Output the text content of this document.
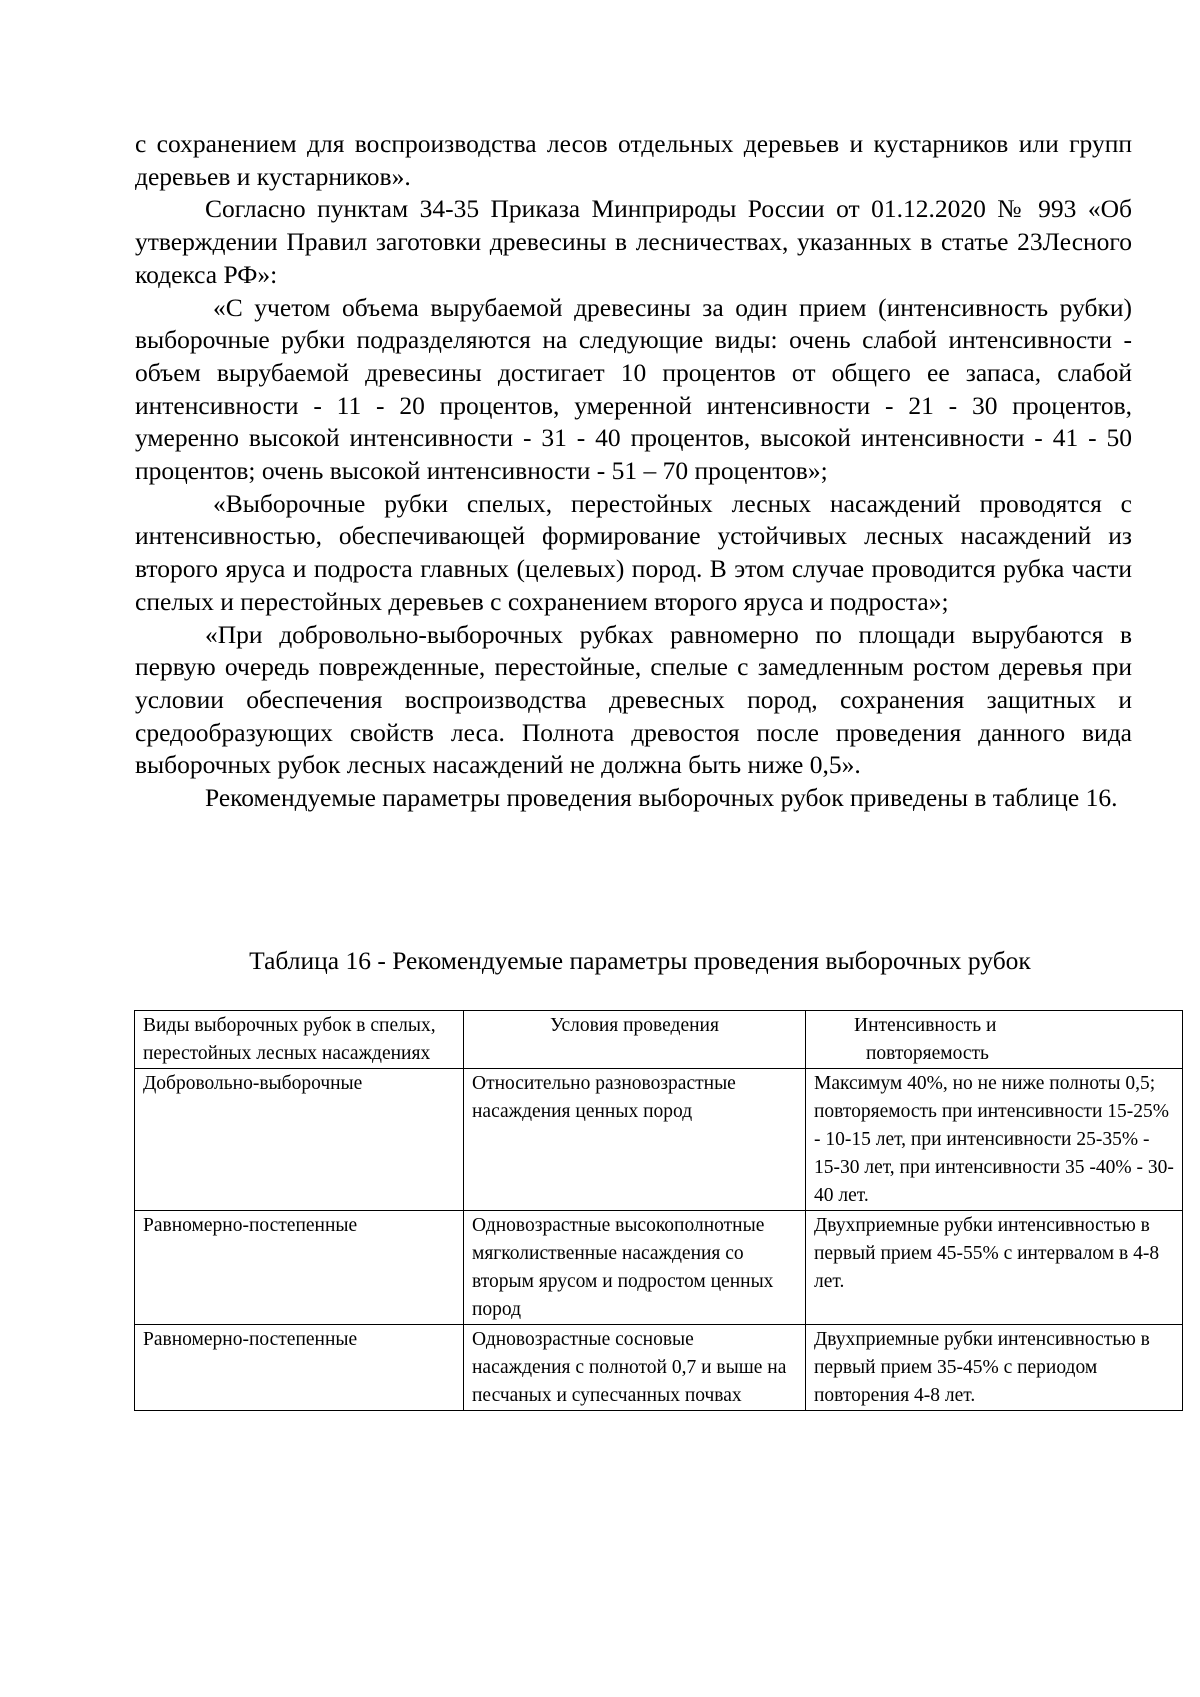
с сохранением для воспроизводства лесов отдельных деревьев и кустарников или групп деревьев и кустарников».

Согласно пунктам 34-35 Приказа Минприроды России от 01.12.2020 № 993 «Об утверждении Правил заготовки древесины в лесничествах, указанных в статье 23Лесного кодекса РФ»:

«С учетом объема вырубаемой древесины за один прием (интенсивность рубки) выборочные рубки подразделяются на следующие виды: очень слабой интенсивности - объем вырубаемой древесины достигает 10 процентов от общего ее запаса, слабой интенсивности - 11 - 20 процентов, умеренной интенсивности - 21 - 30 процентов, умеренно высокой интенсивности - 31 - 40 процентов, высокой интенсивности - 41 - 50 процентов; очень высокой интенсивности - 51 – 70 процентов»;

«Выборочные рубки спелых, перестойных лесных насаждений проводятся с интенсивностью, обеспечивающей формирование устойчивых лесных насаждений из второго яруса и подроста главных (целевых) пород. В этом случае проводится рубка части спелых и перестойных деревьев с сохранением второго яруса и подроста»;

«При добровольно-выборочных рубках равномерно по площади вырубаются в первую очередь поврежденные, перестойные, спелые с замедленным ростом деревья при условии обеспечения воспроизводства древесных пород, сохранения защитных и средообразующих свойств леса. Полнота древостоя после проведения данного вида выборочных рубок лесных насаждений не должна быть ниже 0,5».

Рекомендуемые параметры проведения выборочных рубок приведены в таблице 16.

Таблица 16 - Рекомендуемые параметры проведения выборочных рубок
Виды выборочных рубок в спелых, перестойных лесных насаждениях	Условия проведения	Интенсивность и
повторяемость

Добровольно-выборочные	Относительно разновозрастные насаждения ценных пород	Максимум 40%, но не ниже полноты 0,5; повторяемость при интенсивности 15-25% - 10-15 лет, при интенсивности 25-35% - 15-30 лет, при интенсивности 35 -40% - 30-40 лет.
Равномерно-постепенные	Одновозрастные высокополнотные мягколиственные насаждения со вторым ярусом и подростом ценных пород	Двухприемные рубки интенсивностью в первый прием 45-55% с интервалом в 4-8 лет.
Равномерно-постепенные	Одновозрастные сосновые насаждения с полнотой 0,7 и выше на песчаных и супесчанных почвах	Двухприемные рубки интенсивностью в первый прием 35-45% с периодом повторения 4-8 лет.
